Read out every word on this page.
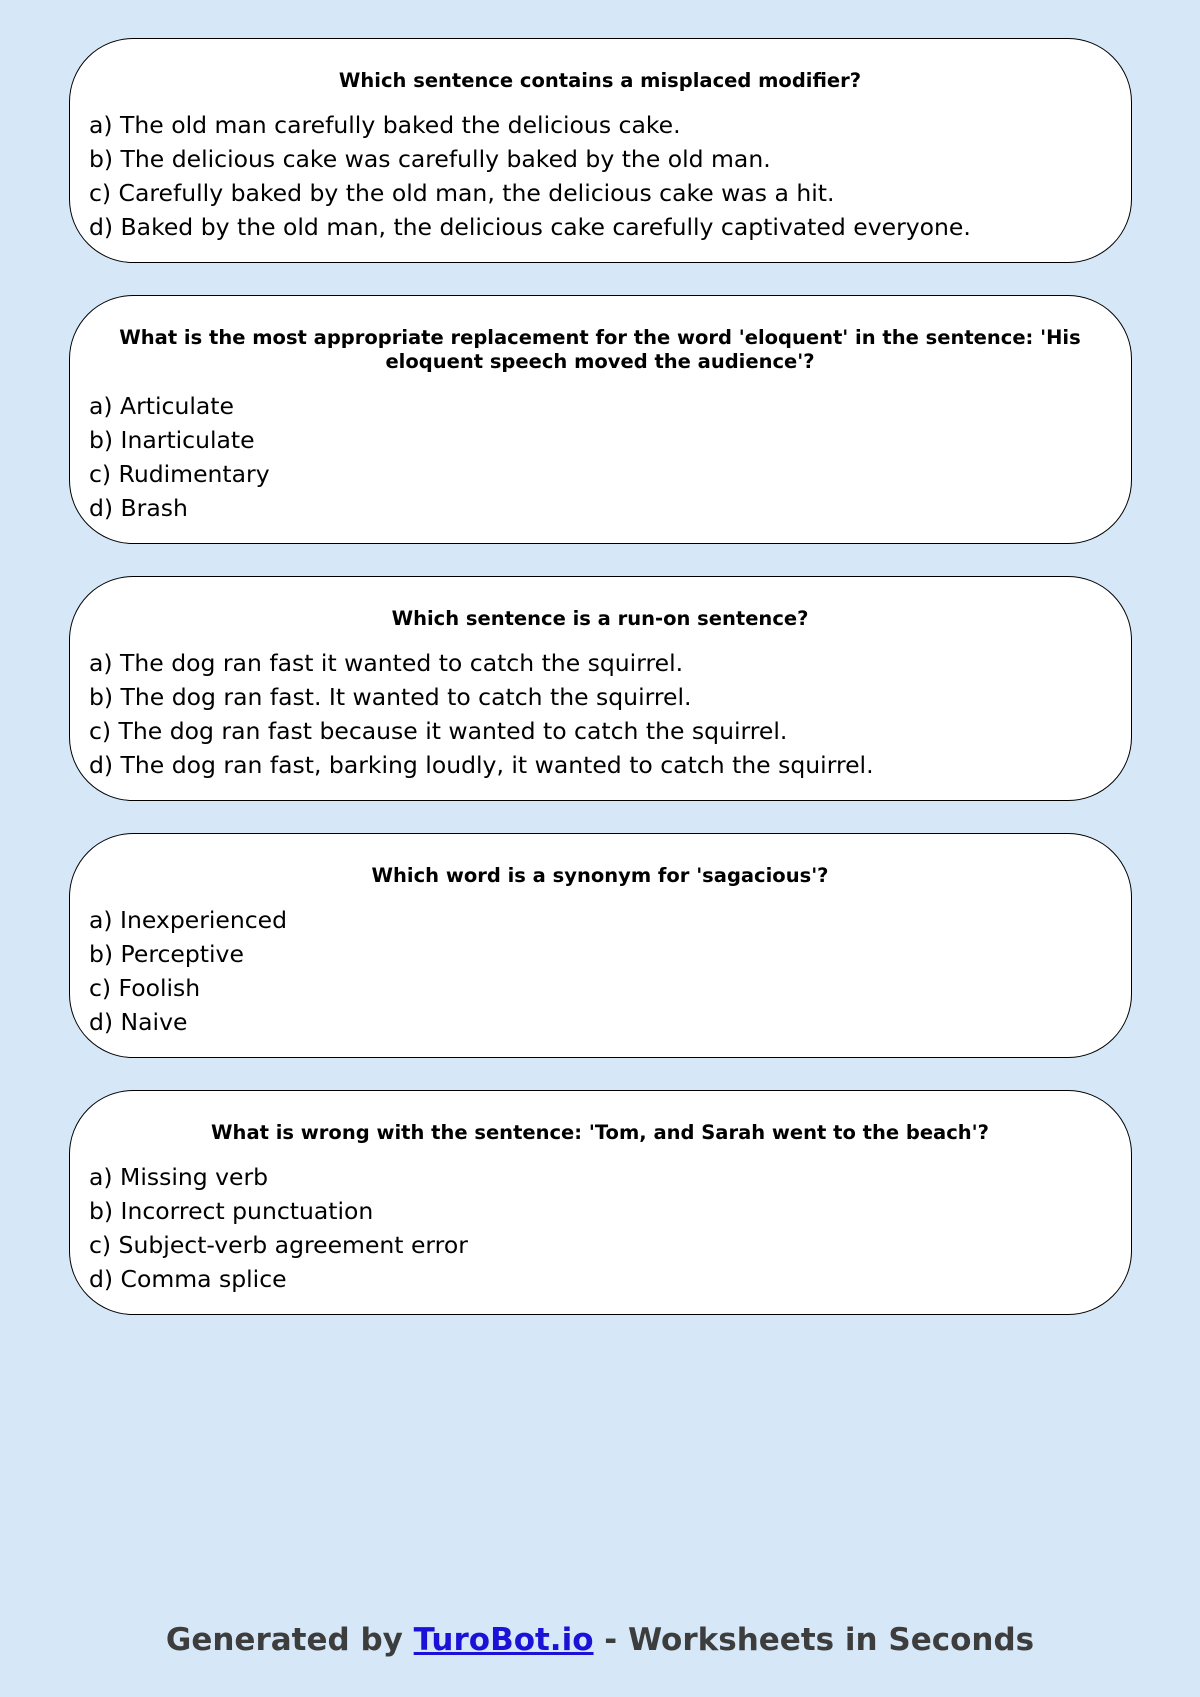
Which sentence contains a misplaced modifier?
a) The old man carefully baked the delicious cake.
b) The delicious cake was carefully baked by the old man.
c) Carefully baked by the old man, the delicious cake was a hit.
d) Baked by the old man, the delicious cake carefully captivated everyone.
What is the most appropriate replacement for the word 'eloquent' in the sentence: 'His eloquent speech moved the audience'?
a) Articulate
b) Inarticulate
c) Rudimentary
d) Brash
Which sentence is a run-on sentence?
a) The dog ran fast it wanted to catch the squirrel.
b) The dog ran fast. It wanted to catch the squirrel.
c) The dog ran fast because it wanted to catch the squirrel.
d) The dog ran fast, barking loudly, it wanted to catch the squirrel.
Which word is a synonym for 'sagacious'?
a) Inexperienced
b) Perceptive
c) Foolish
d) Naive
What is wrong with the sentence: 'Tom, and Sarah went to the beach'?
a) Missing verb
b) Incorrect punctuation
c) Subject-verb agreement error
d) Comma splice
Generated by TuroBot.io - Worksheets in Seconds
